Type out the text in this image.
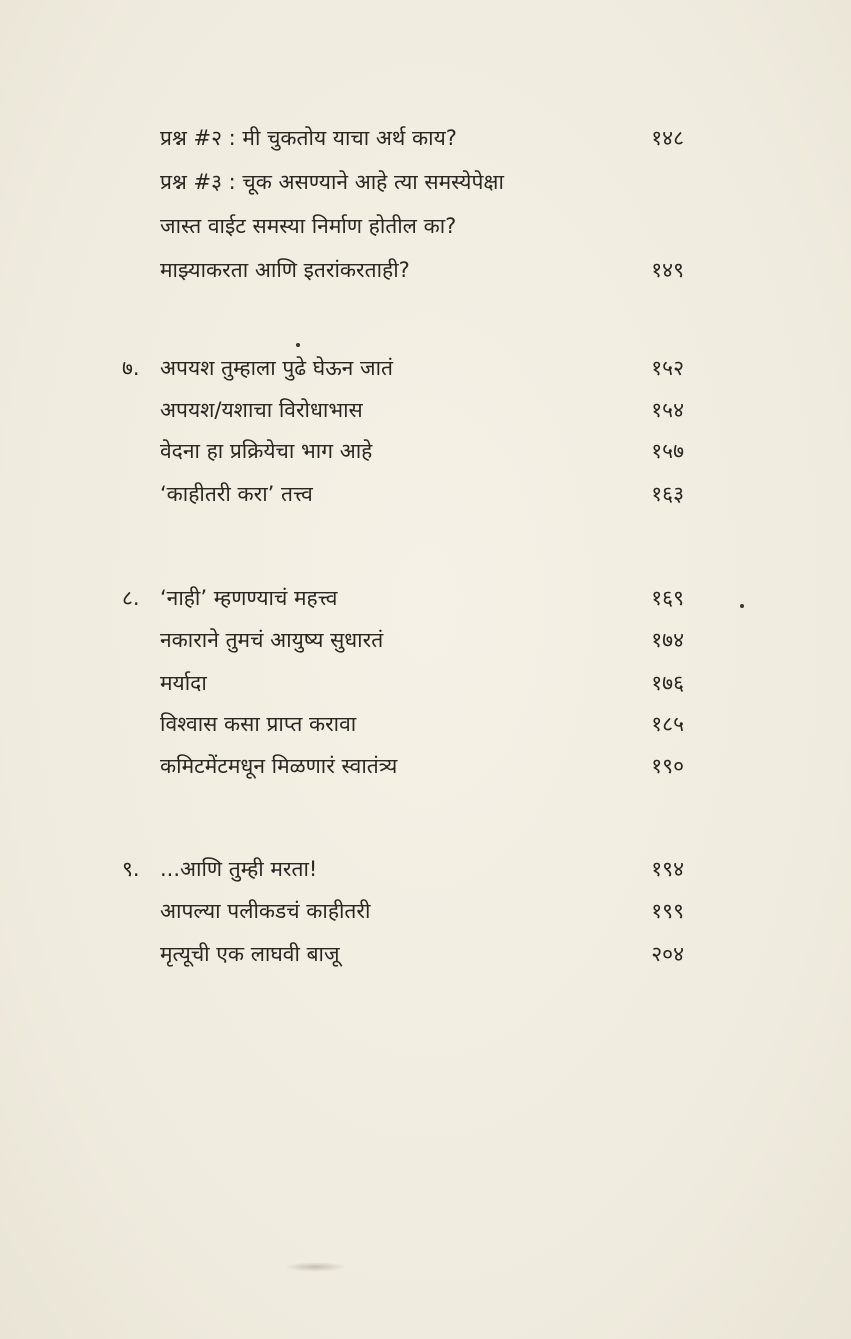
प्रश्न #२ : मी चुकतोय याचा अर्थ काय?	१४८
प्रश्न #३ : चूक असण्याने आहे त्या समस्येपेक्षा
जास्त वाईट समस्या निर्माण होतील का?
माझ्याकरता आणि इतरांकरताही?	१४९
७. अपयश तुम्हाला पुढे घेऊन जातं	१५२
अपयश/यशाचा विरोधाभास	१५४
वेदना हा प्रक्रियेचा भाग आहे	१५७
‘काहीतरी करा’ तत्त्व	१६३
८. ‘नाही’ म्हणण्याचं महत्त्व	१६९
नकाराने तुमचं आयुष्य सुधारतं	१७४
मर्यादा	१७६
विश्वास कसा प्राप्त करावा	१८५
कमिटमेंटमधून मिळणारं स्वातंत्र्य	१९०
९. ...आणि तुम्ही मरता!	१९४
आपल्या पलीकडचं काहीतरी	१९९
मृत्यूची एक लाघवी बाजू	२०४
